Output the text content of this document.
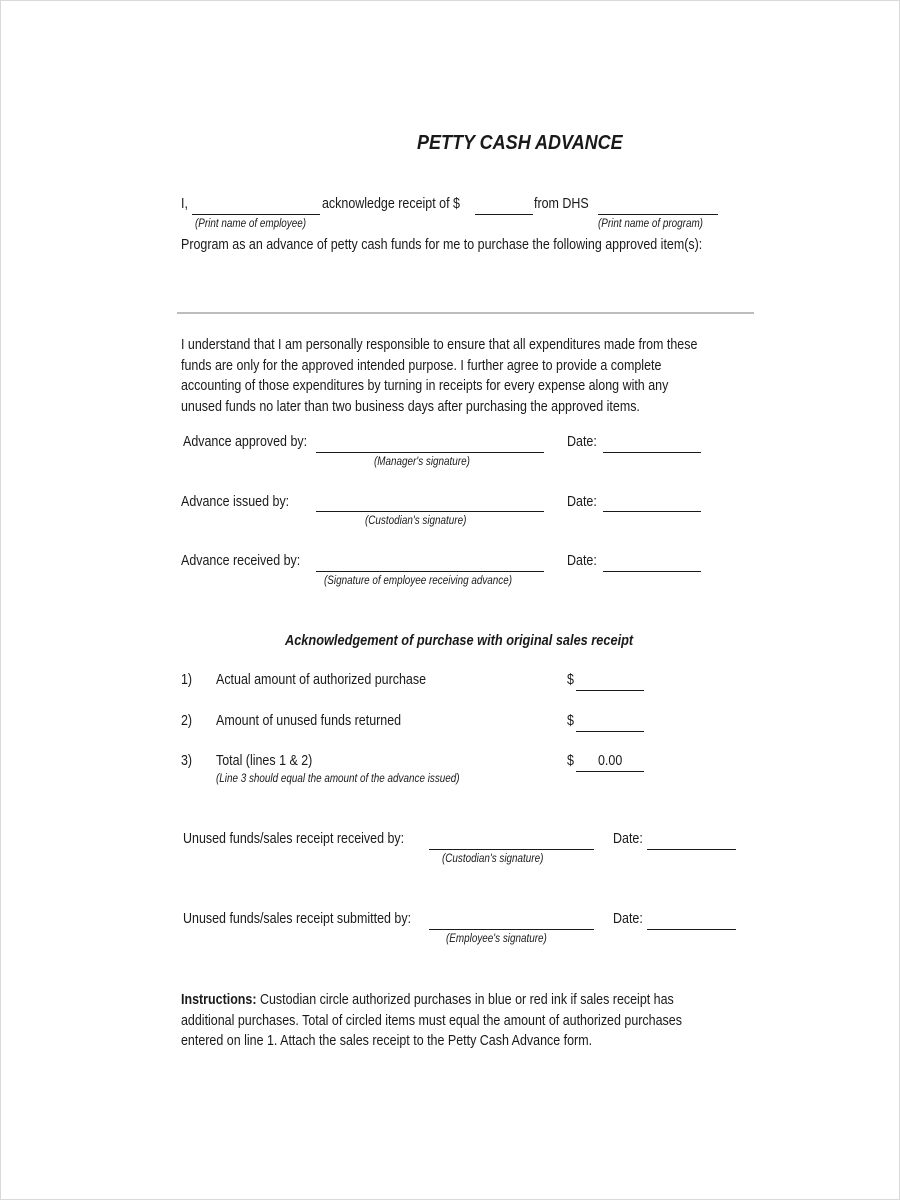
PETTY CASH ADVANCE
I,	acknowledge receipt of $	from DHS
(Print name of employee)	(Print name of program)
Program as an advance of petty cash funds for me to purchase the following approved item(s):
I understand that I am personally responsible to ensure that all expenditures made from these
funds are only for the approved intended purpose. I further agree to provide a complete
accounting of those expenditures by turning in receipts for every expense along with any
unused funds no later than two business days after purchasing the approved items.
Advance approved by:
(Manager's signature)
Date:
Advance issued by:
(Custodian's signature)
Date:
Advance received by:
(Signature of employee receiving advance)
Date:
Acknowledgement of purchase with original sales receipt
1) Actual amount of authorized purchase	$
2) Amount of unused funds returned	$
3) Total (lines 1 & 2)	$ 0.00
(Line 3 should equal the amount of the advance issued)
Unused funds/sales receipt received by:
(Custodian's signature)
Date:
Unused funds/sales receipt submitted by:
(Employee's signature)
Date:
Instructions: Custodian circle authorized purchases in blue or red ink if sales receipt has
additional purchases. Total of circled items must equal the amount of authorized purchases
entered on line 1. Attach the sales receipt to the Petty Cash Advance form.
